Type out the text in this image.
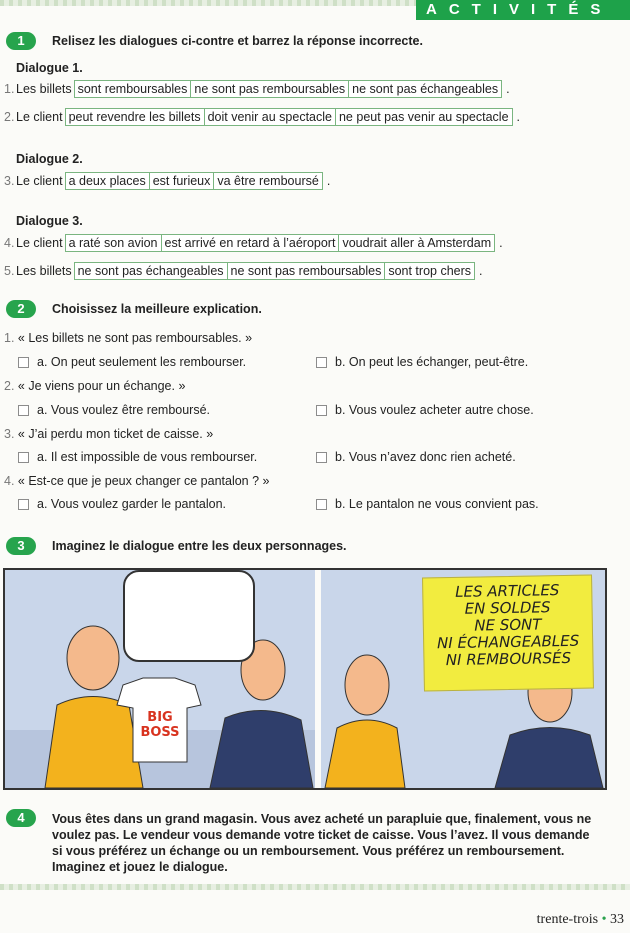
ACTIVITÉS
1	Relisez les dialogues ci-contre et barrez la réponse incorrecte.
Dialogue 1.
1. Les billets sont remboursables ne sont pas remboursables ne sont pas échangeables .
2. Le client peut revendre les billets doit venir au spectacle ne peut pas venir au spectacle .
Dialogue 2.
3. Le client a deux places est furieux va être remboursé .
Dialogue 3.
4. Le client a raté son avion est arrivé en retard à l’aéroport voudrait aller à Amsterdam .
5. Les billets ne sont pas échangeables ne sont pas remboursables sont trop chers .
2	Choisissez la meilleure explication.
1. « Les billets ne sont pas remboursables. »
a. On peut seulement les rembourser.	b. On peut les échanger, peut-être.
2. « Je viens pour un échange. »
a. Vous voulez être remboursé.	b. Vous voulez acheter autre chose.
3. « J’ai perdu mon ticket de caisse. »
a. Il est impossible de vous rembourser.	b. Vous n’avez donc rien acheté.
4. « Est-ce que je peux changer ce pantalon ? »
a. Vous voulez garder le pantalon.	b. Le pantalon ne vous convient pas.
3	Imaginez le dialogue entre les deux personnages.
BIG BOSS
LES ARTICLES
EN SOLDES
NE SONT
NI ÉCHANGEABLES
NI REMBOURSÉS
4	Vous êtes dans un grand magasin. Vous avez acheté un parapluie que, finalement, vous ne voulez pas. Le vendeur vous demande votre ticket de caisse. Vous l’avez. Il vous demande si vous préférez un échange ou un remboursement. Vous préférez un remboursement. Imaginez et jouez le dialogue.
trente-trois • 33
